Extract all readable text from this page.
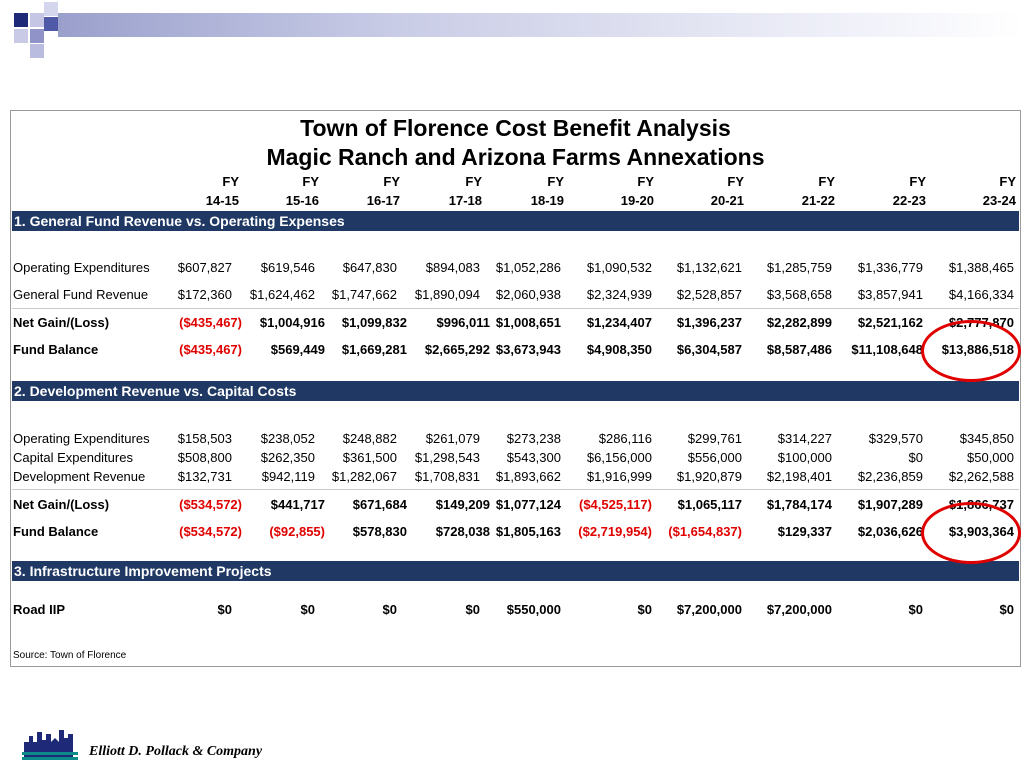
Town of Florence Cost Benefit Analysis
Magic Ranch and Arizona Farms Annexations
FY	FY	FY	FY	FY	FY	FY	FY	FY	FY
14-15	15-16	16-17	17-18	18-19	19-20	20-21	21-22	22-23	23-24
1. General Fund Revenue vs. Operating Expenses
Operating Expenditures	$607,827	$619,546	$647,830	$894,083	$1,052,286	$1,090,532	$1,132,621	$1,285,759	$1,336,779	$1,388,465
General Fund Revenue	$172,360	$1,624,462	$1,747,662	$1,890,094	$2,060,938	$2,324,939	$2,528,857	$3,568,658	$3,857,941	$4,166,334
Net Gain/(Loss)	($435,467)	$1,004,916	$1,099,832	$996,011 $1,008,651	$1,234,407	$1,396,237	$2,282,899	$2,521,162	$2,777,870
Fund Balance	($435,467)	$569,449	$1,669,281	$2,665,292 $3,673,943	$4,908,350	$6,304,587	$8,587,486	$11,108,648	$13,886,518
2. Development Revenue vs. Capital Costs
Operating Expenditures	$158,503	$238,052	$248,882	$261,079	$273,238	$286,116	$299,761	$314,227	$329,570	$345,850
Capital Expenditures	$508,800	$262,350	$361,500	$1,298,543	$543,300	$6,156,000	$556,000	$100,000	$0	$50,000
Development Revenue	$132,731	$942,119	$1,282,067	$1,708,831	$1,893,662	$1,916,999	$1,920,879	$2,198,401	$2,236,859	$2,262,588
Net Gain/(Loss)	($534,572)	$441,717	$671,684	$149,209 $1,077,124	($4,525,117)	$1,065,117	$1,784,174	$1,907,289	$1,866,737
Fund Balance	($534,572)	($92,855)	$578,830	$728,038 $1,805,163	($2,719,954)	($1,654,837)	$129,337	$2,036,626	$3,903,364
3. Infrastructure Improvement Projects
Road IIP	$0	$0	$0	$0	$550,000	$0	$7,200,000	$7,200,000	$0	$0
Source: Town of Florence
Elliott D. Pollack & Company
